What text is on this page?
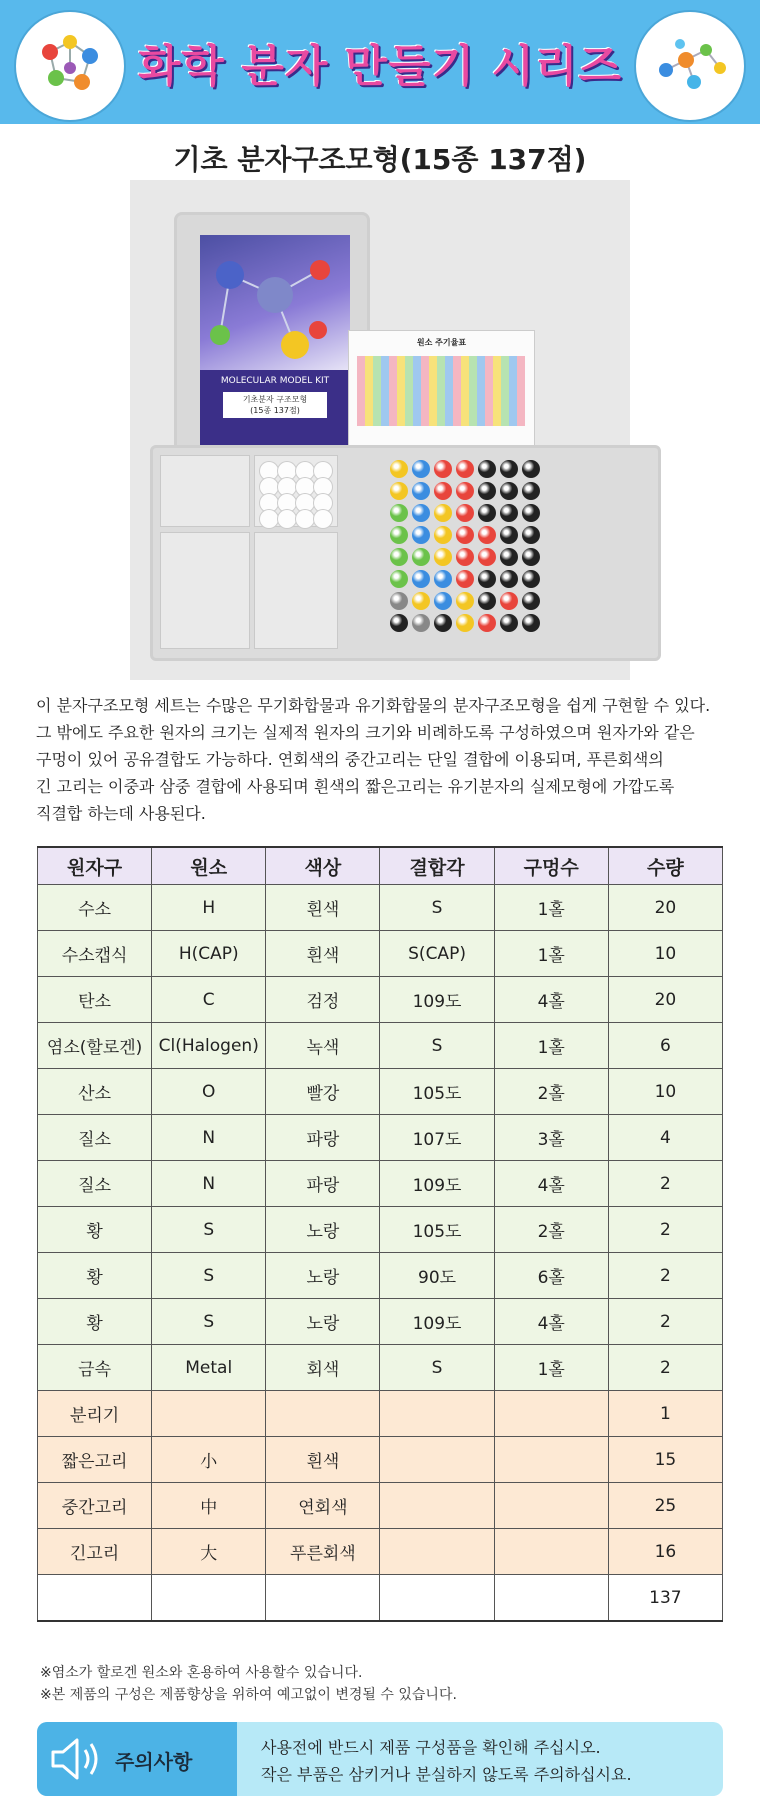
화학 분자 만들기 시리즈
기초 분자구조모형(15종 137점)
MOLECULAR MODEL KIT
기초분자 구조모형
(15종 137점)
원소 주기율표
이 분자구조모형 세트는 수많은 무기화합물과 유기화합물의 분자구조모형을 쉽게 구현할 수 있다.
그 밖에도 주요한 원자의 크기는 실제적 원자의 크기와 비례하도록 구성하였으며 원자가와 같은
구멍이 있어 공유결합도 가능하다. 연회색의 중간고리는 단일 결합에 이용되며, 푸른회색의
긴 고리는 이중과 삼중 결합에 사용되며 흰색의 짧은고리는 유기분자의 실제모형에 가깝도록
직결합 하는데 사용된다.
원자구	원소	색상	결합각	구멍수	수량
수소	H	흰색	S	1홀	20
수소캡식	H(CAP)	흰색	S(CAP)	1홀	10
탄소	C	검정	109도	4홀	20
염소(할로겐)	Cl(Halogen)	녹색	S	1홀	6
산소	O	빨강	105도	2홀	10
질소	N	파랑	107도	3홀	4
질소	N	파랑	109도	4홀	2
황	S	노랑	105도	2홀	2
황	S	노랑	90도	6홀	2
황	S	노랑	109도	4홀	2
금속	Metal	회색	S	1홀	2
분리기					1
짧은고리	小	흰색			15
중간고리	中	연회색			25
긴고리	大	푸른회색			16
					137
※염소가 할로겐 원소와 혼용하여 사용할수 있습니다.
※본 제품의 구성은 제품향상을 위하여 예고없이 변경될 수 있습니다.
주의사항
사용전에 반드시 제품 구성품을 확인해 주십시오.
작은 부품은 삼키거나 분실하지 않도록 주의하십시요.
